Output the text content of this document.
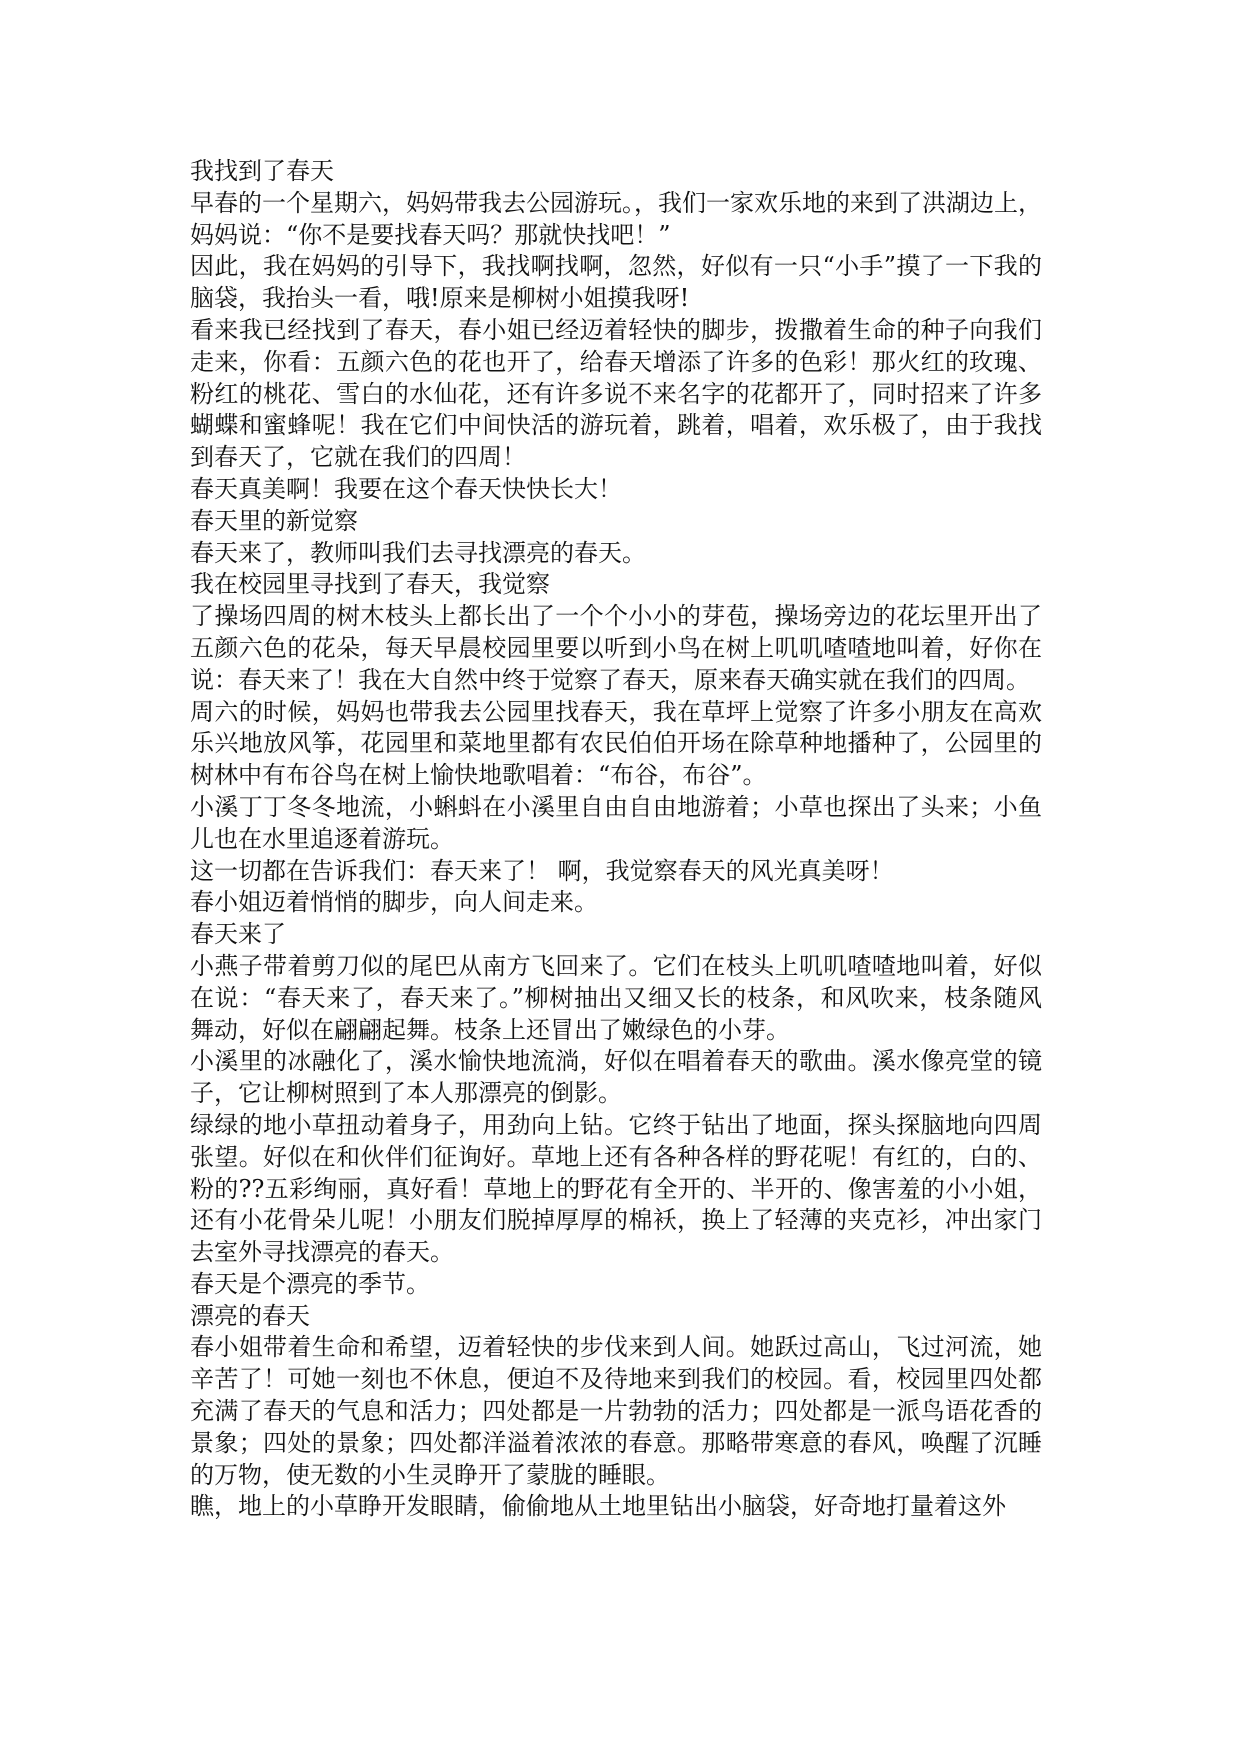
我找到了春天
早春的一个星期六，妈妈带我去公园游玩。，我们一家欢乐地的来到了洪湖边上，妈妈说：“你不是要找春天吗？那就快找吧！”
因此，我在妈妈的引导下，我找啊找啊，忽然，好似有一只“小手”摸了一下我的脑袋，我抬头一看，哦!原来是柳树小姐摸我呀!
看来我已经找到了春天，春小姐已经迈着轻快的脚步，拨撒着生命的种子向我们走来，你看：五颜六色的花也开了，给春天增添了许多的色彩！那火红的玫瑰、粉红的桃花、雪白的水仙花，还有许多说不来名字的花都开了，同时招来了许多蝴蝶和蜜蜂呢！我在它们中间快活的游玩着，跳着，唱着，欢乐极了，由于我找到春天了，它就在我们的四周！
春天真美啊！我要在这个春天快快长大！
春天里的新觉察
春天来了，教师叫我们去寻找漂亮的春天。
我在校园里寻找到了春天，我觉察
了操场四周的树木枝头上都长出了一个个小小的芽苞，操场旁边的花坛里开出了五颜六色的花朵，每天早晨校园里要以听到小鸟在树上叽叽喳喳地叫着，好你在说：春天来了！我在大自然中终于觉察了春天，原来春天确实就在我们的四周。
周六的时候，妈妈也带我去公园里找春天，我在草坪上觉察了许多小朋友在高欢乐兴地放风筝，花园里和菜地里都有农民伯伯开场在除草种地播种了，公园里的树林中有布谷鸟在树上愉快地歌唱着：“布谷，布谷”。
小溪丁丁冬冬地流，小蝌蚪在小溪里自由自由地游着；小草也探出了头来；小鱼儿也在水里追逐着游玩。
这一切都在告诉我们：春天来了！ 啊，我觉察春天的风光真美呀！
春小姐迈着悄悄的脚步，向人间走来。
春天来了
小燕子带着剪刀似的尾巴从南方飞回来了。它们在枝头上叽叽喳喳地叫着，好似在说：“春天来了，春天来了。”柳树抽出又细又长的枝条，和风吹来，枝条随风舞动，好似在翩翩起舞。枝条上还冒出了嫩绿色的小芽。
小溪里的冰融化了，溪水愉快地流淌，好似在唱着春天的歌曲。溪水像亮堂的镜子，它让柳树照到了本人那漂亮的倒影。
绿绿的地小草扭动着身子，用劲向上钻。它终于钻出了地面，探头探脑地向四周张望。好似在和伙伴们征询好。草地上还有各种各样的野花呢！有红的，白的、粉的??五彩绚丽，真好看！草地上的野花有全开的、半开的、像害羞的小小姐，还有小花骨朵儿呢！小朋友们脱掉厚厚的棉袄，换上了轻薄的夹克衫，冲出家门去室外寻找漂亮的春天。
春天是个漂亮的季节。
漂亮的春天
春小姐带着生命和希望，迈着轻快的步伐来到人间。她跃过高山，飞过河流，她辛苦了！可她一刻也不休息，便迫不及待地来到我们的校园。看，校园里四处都充满了春天的气息和活力；四处都是一片勃勃的活力；四处都是一派鸟语花香的景象；四处的景象；四处都洋溢着浓浓的春意。那略带寒意的春风，唤醒了沉睡的万物，使无数的小生灵睁开了蒙胧的睡眼。
瞧，地上的小草睁开发眼睛，偷偷地从土地里钻出小脑袋，好奇地打量着这外
